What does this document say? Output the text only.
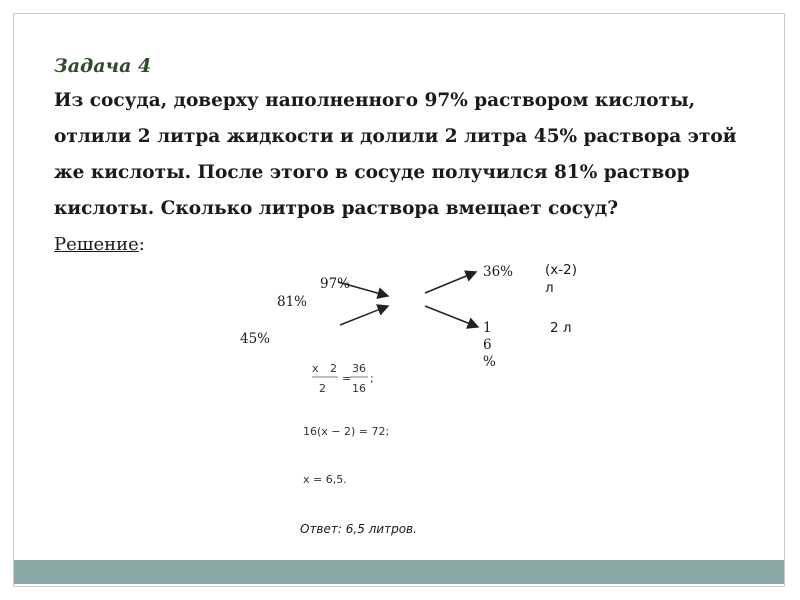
Задача 4
Из сосуда, доверху наполненного 97% раствором кислоты,
отлили 2 литра жидкости и долили 2 литра 45% раствора этой
же кислоты. После этого в сосуде получился 81% раствор
кислоты. Сколько литров раствора вмещает сосуд?
Решение:
97%
81%
45%
36%
1
6
%
(x-2)
л
2 л
x 2
2
=
36
16
;
16(x − 2) = 72;
x = 6,5.
Ответ: 6,5 литров.
